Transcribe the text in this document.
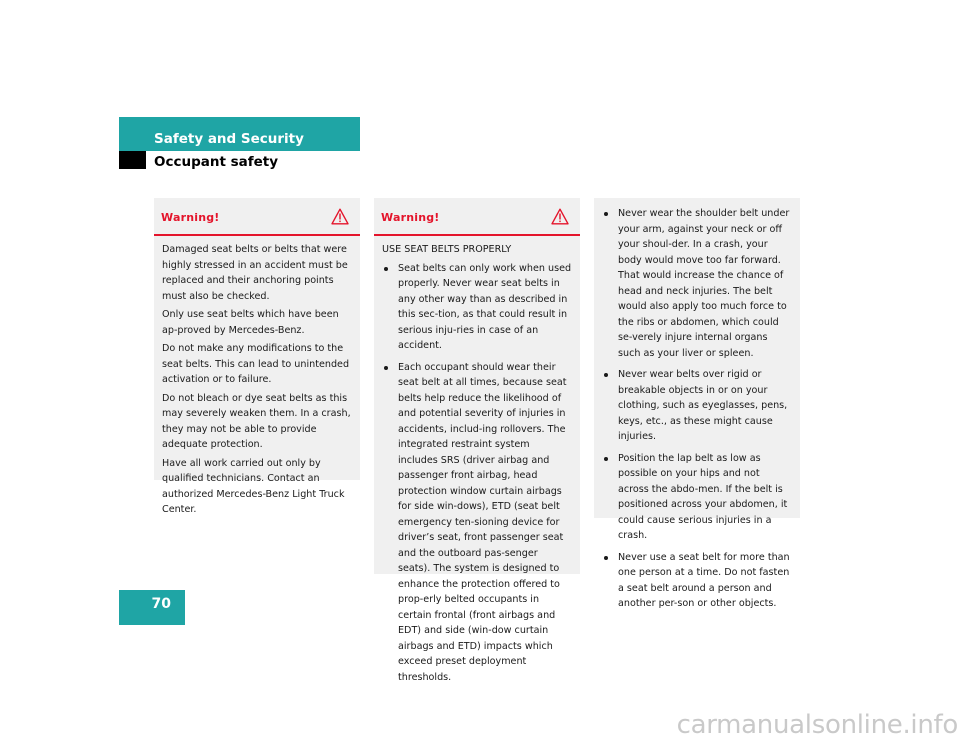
Safety and Security
Occupant safety
Warning!

Damaged seat belts or belts that were highly stressed in an accident must be replaced and their anchoring points must also be checked.

Only use seat belts which have been ap-proved by Mercedes-Benz.

Do not make any modifications to the seat belts. This can lead to unintended activation or to failure.

Do not bleach or dye seat belts as this may severely weaken them. In a crash, they may not be able to provide adequate protection.

Have all work carried out only by qualified technicians. Contact an authorized Mercedes-Benz Light Truck Center.

Warning!

USE SEAT BELTS PROPERLY

Seat belts can only work when used properly. Never wear seat belts in any other way than as described in this sec-tion, as that could result in serious inju-ries in case of an accident.
Each occupant should wear their seat belt at all times, because seat belts help reduce the likelihood of and potential severity of injuries in accidents, includ-ing rollovers. The integrated restraint system includes SRS (driver airbag and passenger front airbag, head protection window curtain airbags for side win-dows), ETD (seat belt emergency ten-sioning device for driver’s seat, front passenger seat and the outboard pas-senger seats). The system is designed to enhance the protection offered to prop-erly belted occupants in certain frontal (front airbags and EDT) and side (win-dow curtain airbags and ETD) impacts which exceed preset deployment thresholds.
Never wear the shoulder belt under your arm, against your neck or off your shoul-der. In a crash, your body would move too far forward. That would increase the chance of head and neck injuries. The belt would also apply too much force to the ribs or abdomen, which could se-verely injure internal organs such as your liver or spleen.
Never wear belts over rigid or breakable objects in or on your clothing, such as eyeglasses, pens, keys, etc., as these might cause injuries.
Position the lap belt as low as possible on your hips and not across the abdo-men. If the belt is positioned across your abdomen, it could cause serious injuries in a crash.
Never use a seat belt for more than one person at a time. Do not fasten a seat belt around a person and another per-son or other objects.
70
carmanualsonline.info
